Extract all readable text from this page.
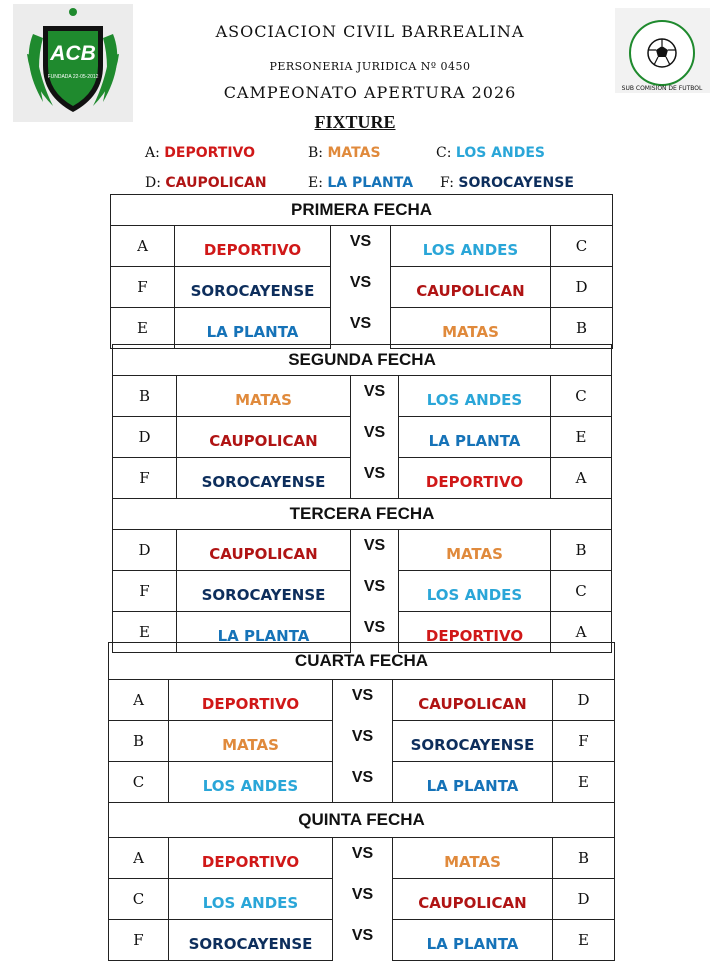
ACB
FUNDADA 22-05-2012
SUB COMISION DE FUTBOL
ASOCIACION CIVIL BARREALINA
PERSONERIA JURIDICA Nº 0450
CAMPEONATO APERTURA 2026
FIXTURE
A: DEPORTIVO	B: MATAS	C: LOS ANDES
D: CAUPOLICAN	E: LA PLANTA F: SOROCAYENSE
PRIMERA FECHA				
A	DEPORTIVO	VS	LOS ANDES	C
F	SOROCAYENSE	VS	CAUPOLICAN	D
E	LA PLANTA	VS	MATAS	B
SEGUNDA FECHA				
B	MATAS	VS	LOS ANDES	C
D	CAUPOLICAN	VS	LA PLANTA	E
F	SOROCAYENSE	VS	DEPORTIVO	A
TERCERA FECHA				
D	CAUPOLICAN	VS	MATAS	B
F	SOROCAYENSE	VS	LOS ANDES	C
E	LA PLANTA	VS	DEPORTIVO	A
CUARTA FECHA				
A	DEPORTIVO	VS	CAUPOLICAN	D
B	MATAS	VS	SOROCAYENSE	F
C	LOS ANDES	VS	LA PLANTA	E
QUINTA FECHA				
A	DEPORTIVO	VS	MATAS	B
C	LOS ANDES	VS	CAUPOLICAN	D
F	SOROCAYENSE	VS	LA PLANTA	E
